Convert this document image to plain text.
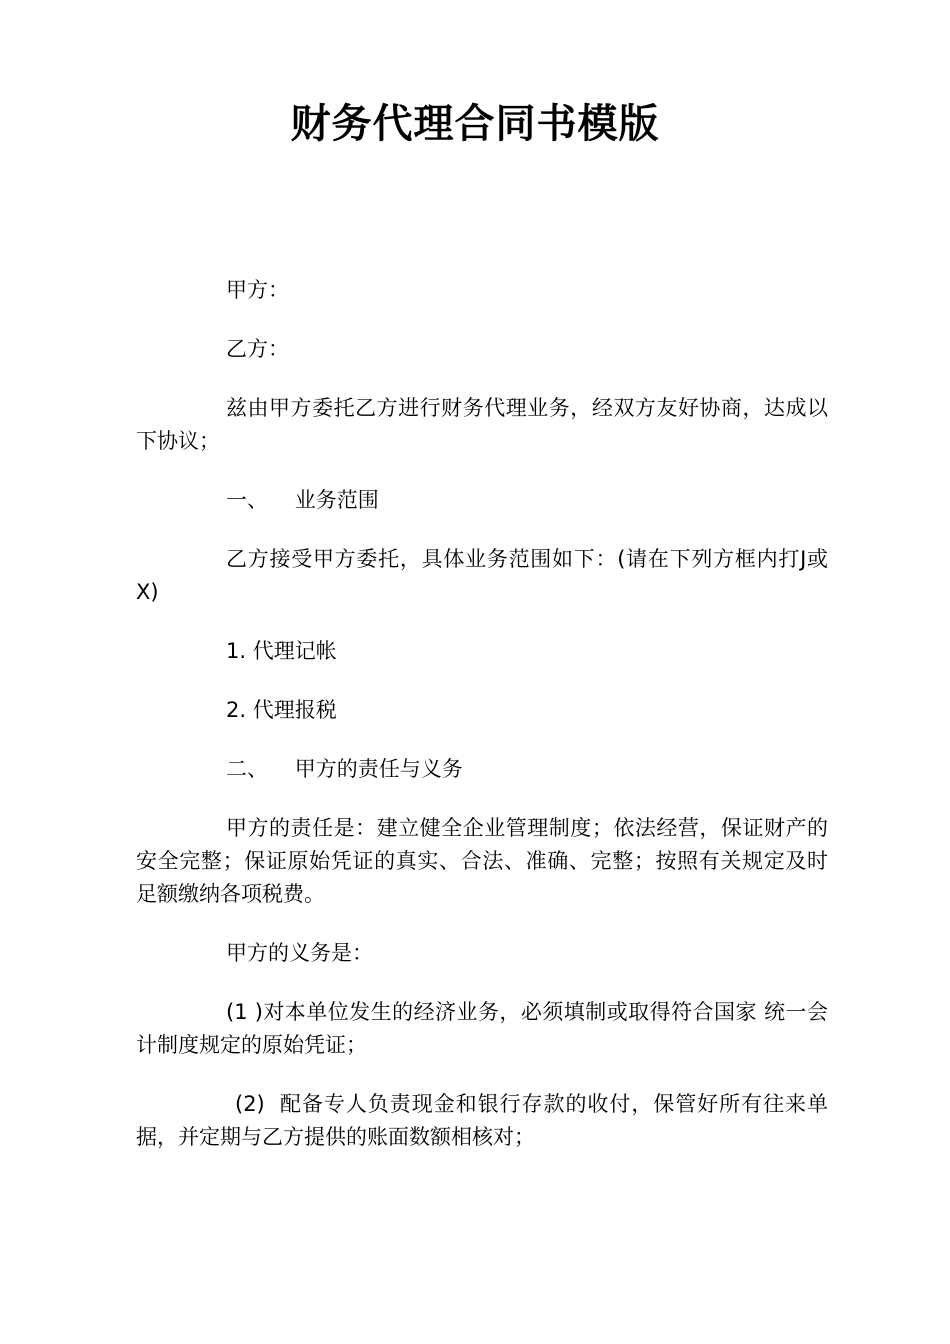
财务代理合同书模版

甲方：

乙方：

兹由甲方委托乙方进行财务代理业务，经双方友好协商，达成以下协议；

一、    业务范围

乙方接受甲方委托，具体业务范围如下：(请在下列方框内打J或X)

1. 代理记帐

2. 代理报税

二、    甲方的责任与义务

甲方的责任是：建立健全企业管理制度；依法经营，保证财产的安全完整；保证原始凭证的真实、合法、准确、完整；按照有关规定及时足额缴纳各项税费。

甲方的义务是：

(1 )对本单位发生的经济业务，必须填制或取得符合国家 统一会计制度规定的原始凭证；

(2)  配备专人负责现金和银行存款的收付，保管好所有往来单据，并定期与乙方提供的账面数额相核对；
